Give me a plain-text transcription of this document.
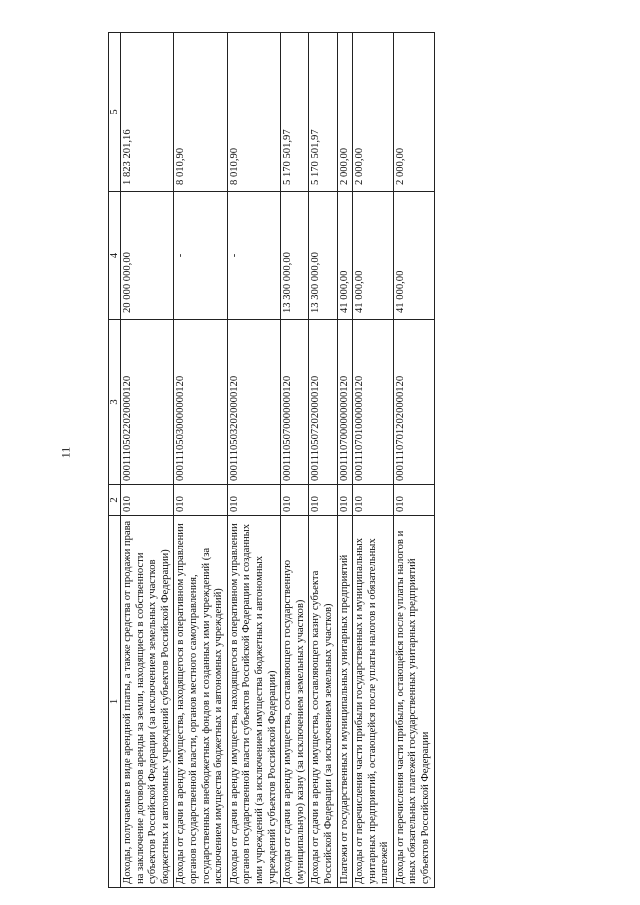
11
1	2	3	4	5
Доходы, получаемые в виде арендной платы, а также средства от продажи права на заключение договоров аренды за земли, находящиеся в собственности субъектов Российской Федерации (за исключением земельных участков бюджетных и автономных учреждений субъектов Российской Федерации)	010	00011105022020000120	20 000 000,00	1 823 201,16
Доходы от сдачи в аренду имущества, находящегося в оперативном управлении органов государственной власти, органов местного самоуправления, государственных внебюджетных фондов и созданных ими учреждений (за исключением имущества бюджетных и автономных учреждений)	010	00011105030000000120	-	8 010,90
Доходы от сдачи в аренду имущества, находящегося в оперативном управлении органов государственной власти субъектов Российской Федерации и созданных ими учреждений (за исключением имущества бюджетных и автономных учреждений субъектов Российской Федерации)	010	00011105032020000120	-	8 010,90
Доходы от сдачи в аренду имущества, составляющего государственную (муниципальную) казну (за исключением земельных участков)	010	00011105070000000120	13 300 000,00	5 170 501,97
Доходы от сдачи в аренду имущества, составляющего казну субъекта Российской Федерации (за исключением земельных участков)	010	00011105072020000120	13 300 000,00	5 170 501,97
Платежи от государственных и муниципальных унитарных предприятий	010	00011107000000000120	41 000,00	2 000,00
Доходы от перечисления части прибыли государственных и муниципальных унитарных предприятий, остающейся после уплаты налогов и обязательных платежей	010	00011107010000000120	41 000,00	2 000,00
Доходы от перечисления части прибыли, остающейся после уплаты налогов и иных обязательных платежей государственных унитарных предприятий субъектов Российской Федерации	010	00011107012020000120	41 000,00	2 000,00
